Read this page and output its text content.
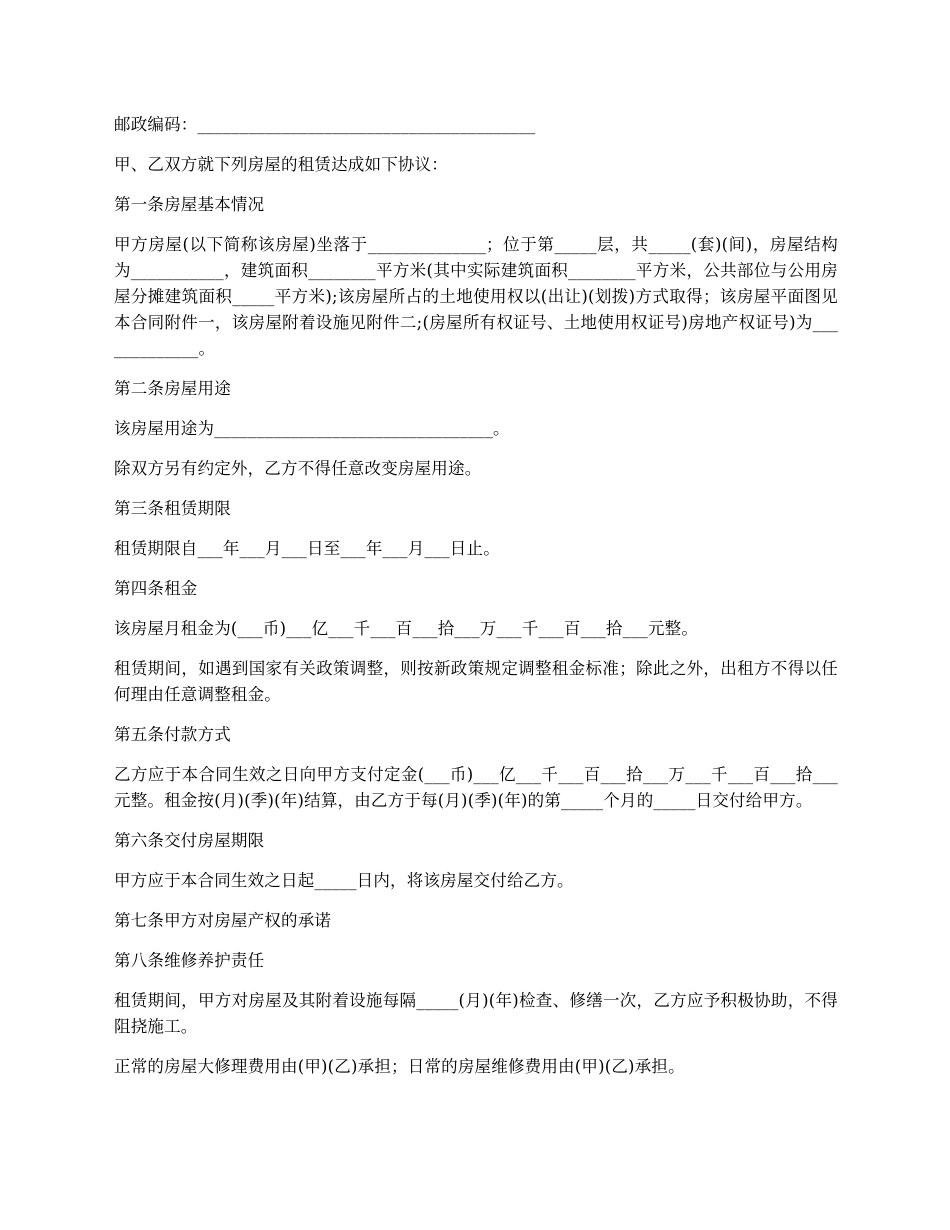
邮政编码：________________________________________

甲、乙双方就下列房屋的租赁达成如下协议：

第一条房屋基本情况

甲方房屋(以下简称该房屋)坐落于______________；位于第_____层，共_____(套)(间)，房屋结构为___________，建筑面积________平方米(其中实际建筑面积________平方米，公共部位与公用房屋分摊建筑面积_____平方米);该房屋所占的土地使用权以(出让)(划拨)方式取得；该房屋平面图见本合同附件一，该房屋附着设施见附件二;(房屋所有权证号、土地使用权证号)房地产权证号)为_____________。

第二条房屋用途

该房屋用途为_________________________________。

除双方另有约定外，乙方不得任意改变房屋用途。

第三条租赁期限

租赁期限自___年___月___日至___年___月___日止。

第四条租金

该房屋月租金为(___币)___亿___千___百___拾___万___千___百___拾___元整。

租赁期间，如遇到国家有关政策调整，则按新政策规定调整租金标准；除此之外，出租方不得以任何理由任意调整租金。

第五条付款方式

乙方应于本合同生效之日向甲方支付定金(___币)___亿___千___百___拾___万___千___百___拾___元整。租金按(月)(季)(年)结算，由乙方于每(月)(季)(年)的第_____个月的_____日交付给甲方。

第六条交付房屋期限

甲方应于本合同生效之日起_____日内，将该房屋交付给乙方。

第七条甲方对房屋产权的承诺

第八条维修养护责任

租赁期间，甲方对房屋及其附着设施每隔_____(月)(年)检查、修缮一次，乙方应予积极协助，不得阻挠施工。

正常的房屋大修理费用由(甲)(乙)承担；日常的房屋维修费用由(甲)(乙)承担。
